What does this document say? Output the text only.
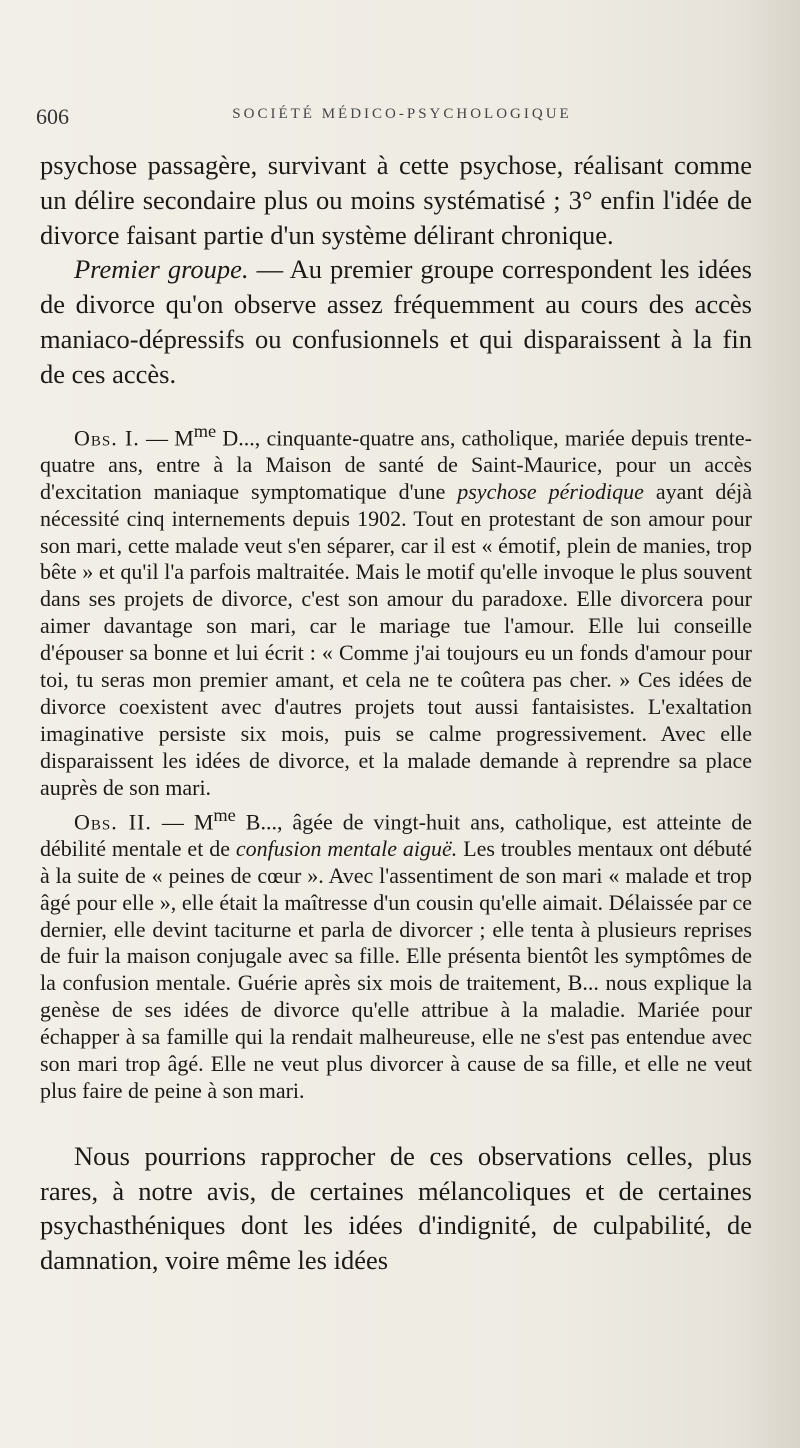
606	SOCIÉTÉ MÉDICO-PSYCHOLOGIQUE

psychose passagère, survivant à cette psychose, réalisant comme un délire secondaire plus ou moins systématisé ; 3° enfin l'idée de divorce faisant partie d'un système délirant chronique.

Premier groupe. — Au premier groupe correspondent les idées de divorce qu'on observe assez fréquemment au cours des accès maniaco-dépressifs ou confusionnels et qui disparaissent à la fin de ces accès.

Obs. I. — $M^{me}$ D..., cinquante-quatre ans, catholique, mariée depuis trente-quatre ans, entre à la Maison de santé de Saint-Maurice, pour un accès d'excitation maniaque symptomatique d'une psychose périodique ayant déjà nécessité cinq internements depuis 1902. Tout en protestant de son amour pour son mari, cette malade veut s'en séparer, car il est « émotif, plein de manies, trop bête » et qu'il l'a parfois maltraitée. Mais le motif qu'elle invoque le plus souvent dans ses projets de divorce, c'est son amour du paradoxe. Elle divorcera pour aimer davantage son mari, car le mariage tue l'amour. Elle lui conseille d'épouser sa bonne et lui écrit : « Comme j'ai toujours eu un fonds d'amour pour toi, tu seras mon premier amant, et cela ne te coûtera pas cher. » Ces idées de divorce coexistent avec d'autres projets tout aussi fantaisistes. L'exaltation imaginative persiste six mois, puis se calme progressivement. Avec elle disparaissent les idées de divorce, et la malade demande à reprendre sa place auprès de son mari.

Obs. II. — $M^{me}$ B..., âgée de vingt-huit ans, catholique, est atteinte de débilité mentale et de confusion mentale aiguë. Les troubles mentaux ont débuté à la suite de « peines de cœur ». Avec l'assentiment de son mari « malade et trop âgé pour elle », elle était la maîtresse d'un cousin qu'elle aimait. Délaissée par ce dernier, elle devint taciturne et parla de divorcer ; elle tenta à plusieurs reprises de fuir la maison conjugale avec sa fille. Elle présenta bientôt les symptômes de la confusion mentale. Guérie après six mois de traitement, B... nous explique la genèse de ses idées de divorce qu'elle attribue à la maladie. Mariée pour échapper à sa famille qui la rendait malheureuse, elle ne s'est pas entendue avec son mari trop âgé. Elle ne veut plus divorcer à cause de sa fille, et elle ne veut plus faire de peine à son mari.

Nous pourrions rapprocher de ces observations celles, plus rares, à notre avis, de certaines mélancoliques et de certaines psychasthéniques dont les idées d'indignité, de culpabilité, de damnation, voire même les idées
